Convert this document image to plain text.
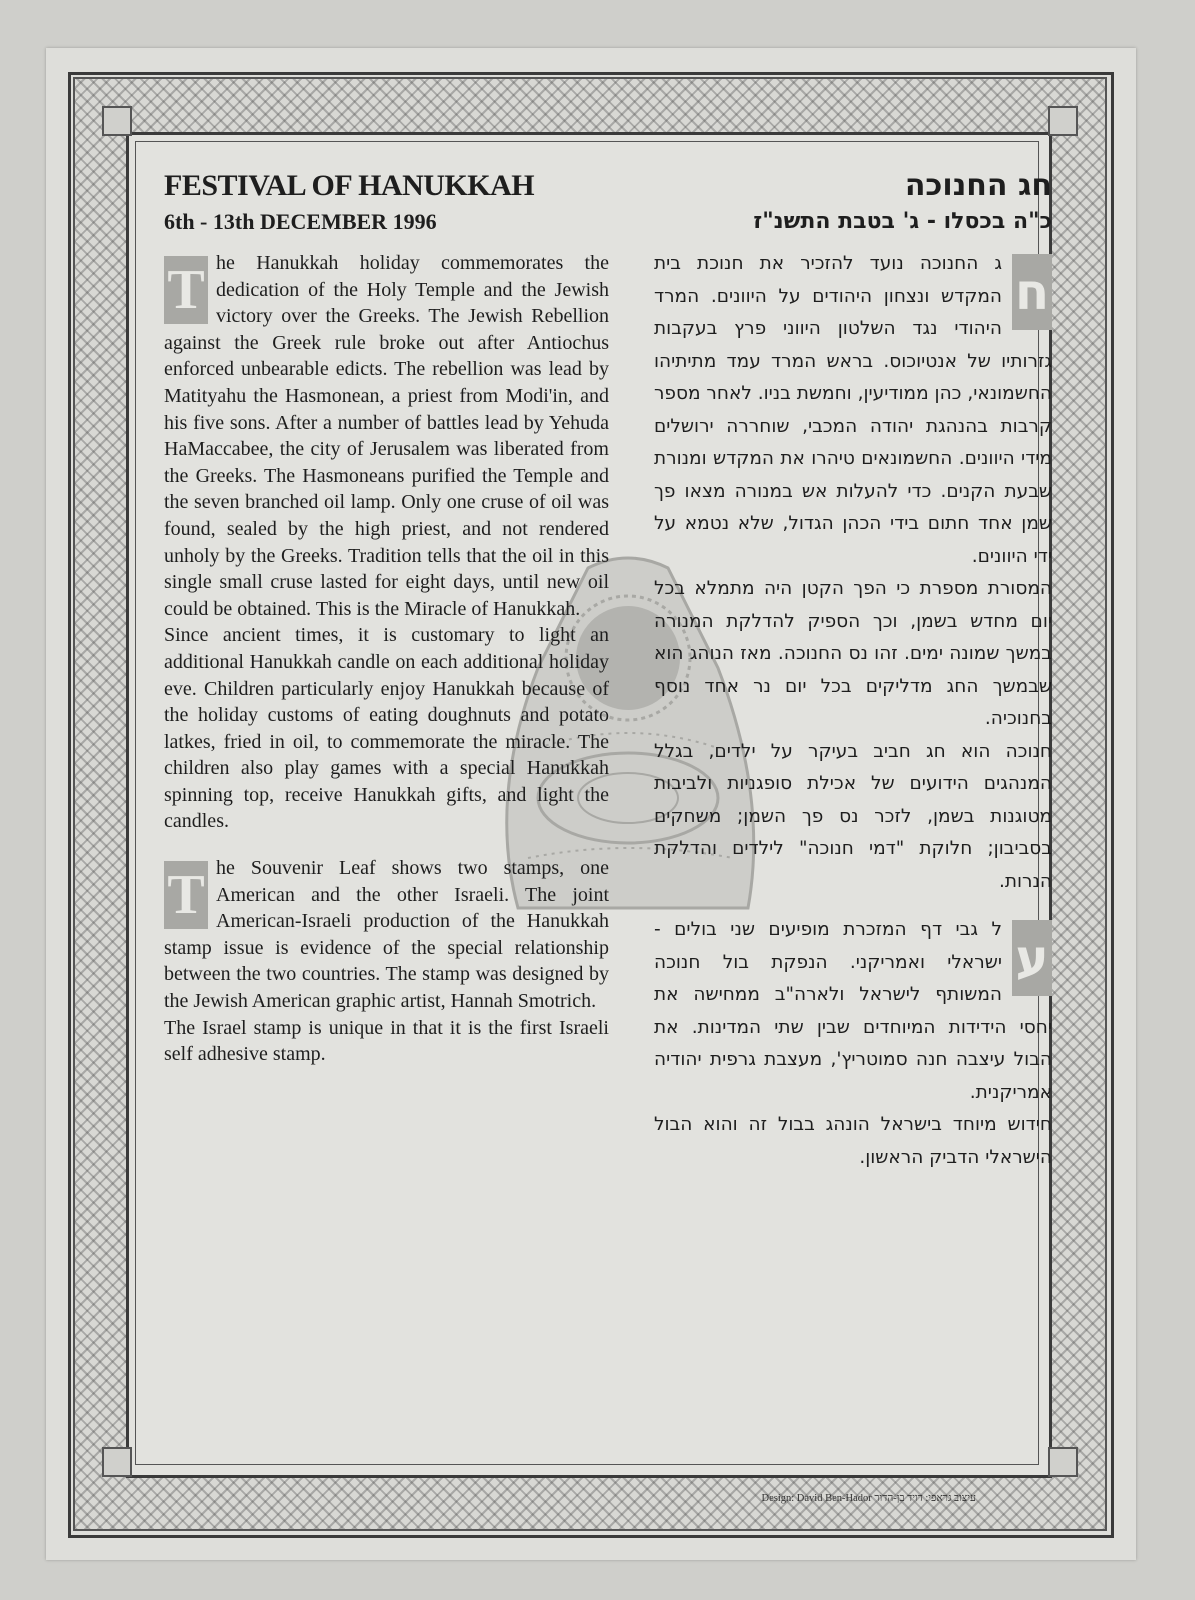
FESTIVAL OF HANUKKAH

6th - 13th DECEMBER 1996

T he Hanukkah holiday commemorates the dedication of the Holy Temple and the Jewish victory over the Greeks. The Jewish Rebellion against the Greek rule broke out after Antiochus enforced unbearable edicts. The rebellion was lead by Matityahu the Hasmonean, a priest from Modi'in, and his five sons. After a number of battles lead by Yehuda HaMaccabee, the city of Jerusalem was liberated from the Greeks. The Hasmoneans purified the Temple and the seven branched oil lamp. Only one cruse of oil was found, sealed by the high priest, and not rendered unholy by the Greeks. Tradition tells that the oil in this single small cruse lasted for eight days, until new oil could be obtained. This is the Miracle of Hanukkah.

Since ancient times, it is customary to light an additional Hanukkah candle on each additional holiday eve. Children particularly enjoy Hanukkah because of the holiday customs of eating doughnuts and potato latkes, fried in oil, to commemorate the miracle. The children also play games with a special Hanukkah spinning top, receive Hanukkah gifts, and light the candles.

T he Souvenir Leaf shows two stamps, one American and the other Israeli. The joint American-Israeli production of the Hanukkah stamp issue is evidence of the special relationship between the two countries. The stamp was designed by the Jewish American graphic artist, Hannah Smotrich.

The Israel stamp is unique in that it is the first Israeli self adhesive stamp.

חג החנוכה

כ"ה בכסלו - ג' בטבת התשנ"ז

ח
ג החנוכה נועד להזכיר את חנוכת בית המקדש ונצחון היהודים על היוונים. המרד היהודי נגד השלטון היווני פרץ בעקבות גזרותיו של אנטיוכוס. בראש המרד עמד מתיתיהו החשמונאי, כהן ממודיעין, וחמשת בניו. לאחר מספר קרבות בהנהגת יהודה המכבי, שוחררה ירושלים מידי היוונים. החשמונאים טיהרו את המקדש ומנורת שבעת הקנים. כדי להעלות אש במנורה מצאו פך שמן אחד חתום בידי הכהן הגדול, שלא נטמא על ידי היוונים.

המסורת מספרת כי הפך הקטן היה מתמלא בכל יום מחדש בשמן, וכך הספיק להדלקת המנורה במשך שמונה ימים. זהו נס החנוכה. מאז הנוהג הוא שבמשך החג מדליקים בכל יום נר אחד נוסף בחנוכיה.

חנוכה הוא חג חביב בעיקר על ילדים, בגלל המנהגים הידועים של אכילת סופגניות ולביבות מטוגנות בשמן, לזכר נס פך השמן; משחקים בסביבון; חלוקת "דמי חנוכה" לילדים והדלקת הנרות.

ע
ל גבי דף המזכרת מופיעים שני בולים - ישראלי ואמריקני. הנפקת בול חנוכה המשותף לישראל ולארה"ב ממחישה את יחסי הידידות המיוחדים שבין שתי המדינות. את הבול עיצבה חנה סמוטריץ', מעצבת גרפית יהודיה אמריקנית.

חידוש מיוחד בישראל הונהג בבול זה והוא הבול הישראלי הדביק הראשון.

Design: David Ben-Hador עיצוב גראפי: דויד בן-הדור
